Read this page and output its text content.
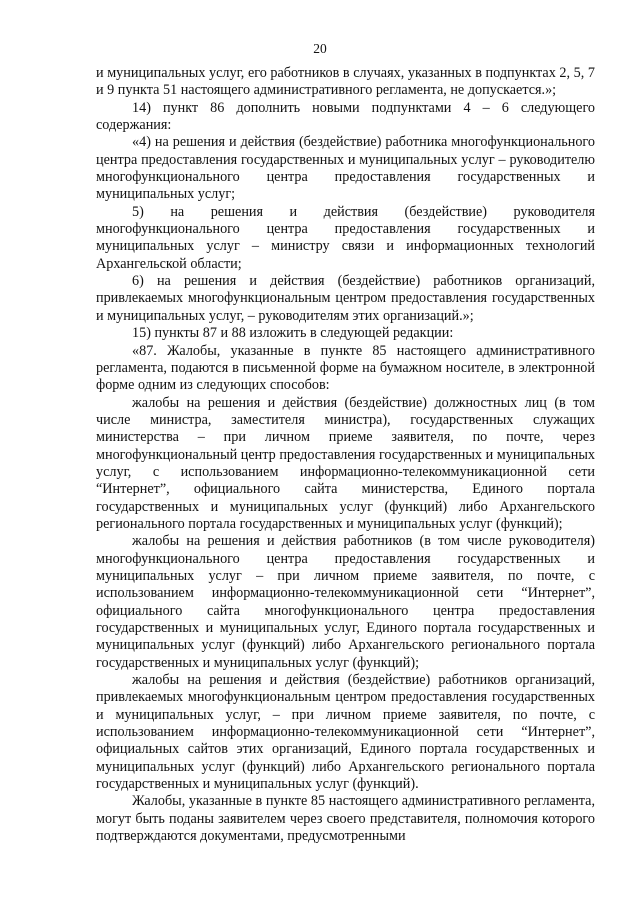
20

и муниципальных услуг, его работников в случаях, указанных в подпунктах 2, 5, 7 и 9 пункта 51 настоящего административного регламента, не допускается.»;

14) пункт 86 дополнить новыми подпунктами 4 – 6 следующего содержания:

«4) на решения и действия (бездействие) работника многофункционального центра предоставления государственных и муниципальных услуг – руководителю многофункционального центра предоставления государственных и муниципальных услуг;

5) на решения и действия (бездействие) руководителя многофункционального центра предоставления государственных и муниципальных услуг – министру связи и информационных технологий Архангельской области;

6) на решения и действия (бездействие) работников организаций, привлекаемых многофункциональным центром предоставления государственных и муниципальных услуг, – руководителям этих организаций.»;

15) пункты 87 и 88 изложить в следующей редакции:

«87. Жалобы, указанные в пункте 85 настоящего административного регламента, подаются в письменной форме на бумажном носителе, в электронной форме одним из следующих способов:

жалобы на решения и действия (бездействие) должностных лиц (в том числе министра, заместителя министра), государственных служащих министерства – при личном приеме заявителя, по почте, через многофункциональный центр предоставления государственных и муниципальных услуг, с использованием информационно-телекоммуникационной сети “Интернет”, официального сайта министерства, Единого портала государственных и муниципальных услуг (функций) либо Архангельского регионального портала государственных и муниципальных услуг (функций);

жалобы на решения и действия работников (в том числе руководителя) многофункционального центра предоставления государственных и муниципальных услуг – при личном приеме заявителя, по почте, с использованием информационно-телекоммуникационной сети “Интернет”, официального сайта многофункционального центра предоставления государственных и муниципальных услуг, Единого портала государственных и муниципальных услуг (функций) либо Архангельского регионального портала государственных и муниципальных услуг (функций);

жалобы на решения и действия (бездействие) работников организаций, привлекаемых многофункциональным центром предоставления государственных и муниципальных услуг, – при личном приеме заявителя, по почте, с использованием информационно-телекоммуникационной сети “Интернет”, официальных сайтов этих организаций, Единого портала государственных и муниципальных услуг (функций) либо Архангельского регионального портала государственных и муниципальных услуг (функций).

Жалобы, указанные в пункте 85 настоящего административного регламента, могут быть поданы заявителем через своего представителя, полномочия которого подтверждаются документами, предусмотренными
